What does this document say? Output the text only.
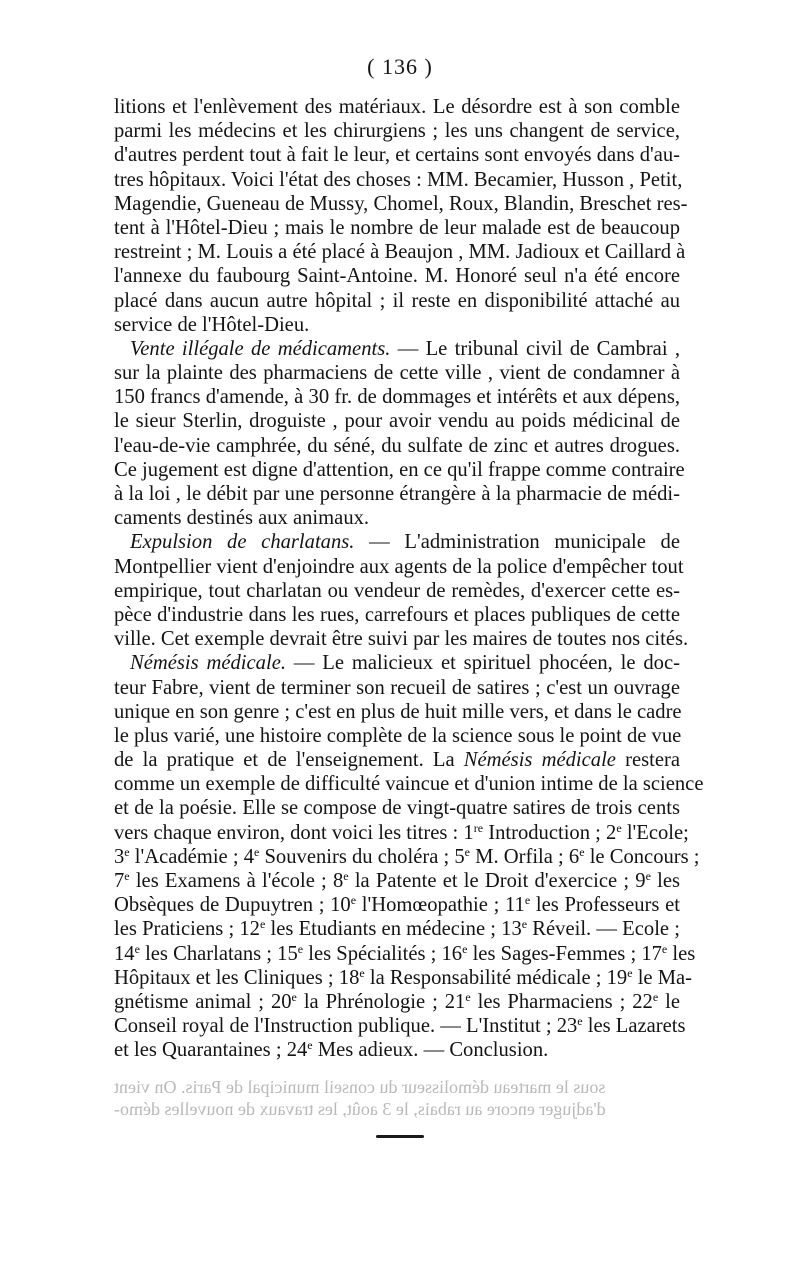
( 136 )
litions et l'enlèvement des matériaux. Le désordre est à son comble
parmi les médecins et les chirurgiens ; les uns changent de service,
d'autres perdent tout à fait le leur, et certains sont envoyés dans d'au-
tres hôpitaux. Voici l'état des choses : MM. Becamier, Husson , Petit,
Magendie, Gueneau de Mussy, Chomel, Roux, Blandin, Breschet res-
tent à l'Hôtel-Dieu ; mais le nombre de leur malade est de beaucoup
restreint ; M. Louis a été placé à Beaujon , MM. Jadioux et Caillard à
l'annexe du faubourg Saint-Antoine. M. Honoré seul n'a été encore
placé dans aucun autre hôpital ; il reste en disponibilité attaché au
service de l'Hôtel-Dieu.
Vente illégale de médicaments. — Le tribunal civil de Cambrai ,
sur la plainte des pharmaciens de cette ville , vient de condamner à
150 francs d'amende, à 30 fr. de dommages et intérêts et aux dépens,
le sieur Sterlin, droguiste , pour avoir vendu au poids médicinal de
l'eau-de-vie camphrée, du séné, du sulfate de zinc et autres drogues.
Ce jugement est digne d'attention, en ce qu'il frappe comme contraire
à la loi , le débit par une personne étrangère à la pharmacie de médi-
caments destinés aux animaux.
Expulsion de charlatans. — L'administration municipale de
Montpellier vient d'enjoindre aux agents de la police d'empêcher tout
empirique, tout charlatan ou vendeur de remèdes, d'exercer cette es-
pèce d'industrie dans les rues, carrefours et places publiques de cette
ville. Cet exemple devrait être suivi par les maires de toutes nos cités.
Némésis médicale. — Le malicieux et spirituel phocéen, le doc-
teur Fabre, vient de terminer son recueil de satires ; c'est un ouvrage
unique en son genre ; c'est en plus de huit mille vers, et dans le cadre
le plus varié, une histoire complète de la science sous le point de vue
de la pratique et de l'enseignement. La Némésis médicale restera
comme un exemple de difficulté vaincue et d'union intime de la science
et de la poésie. Elle se compose de vingt-quatre satires de trois cents
vers chaque environ, dont voici les titres : 1re Introduction ; 2e l'Ecole;
3e l'Académie ; 4e Souvenirs du choléra ; 5e M. Orfila ; 6e le Concours ;
7e les Examens à l'école ; 8e la Patente et le Droit d'exercice ; 9e les
Obsèques de Dupuytren ; 10e l'Homœopathie ; 11e les Professeurs et
les Praticiens ; 12e les Etudiants en médecine ; 13e Réveil. — Ecole ;
14e les Charlatans ; 15e les Spécialités ; 16e les Sages-Femmes ; 17e les
Hôpitaux et les Cliniques ; 18e la Responsabilité médicale ; 19e le Ma-
gnétisme animal ; 20e la Phrénologie ; 21e les Pharmaciens ; 22e le
Conseil royal de l'Instruction publique. — L'Institut ; 23e les Lazarets
et les Quarantaines ; 24e Mes adieux. — Conclusion.
sous le marteau démolisseur du conseil municipal de Paris. On vient
d'adjuger encore au rabais, le 3 août, les travaux de nouvelles démo-
